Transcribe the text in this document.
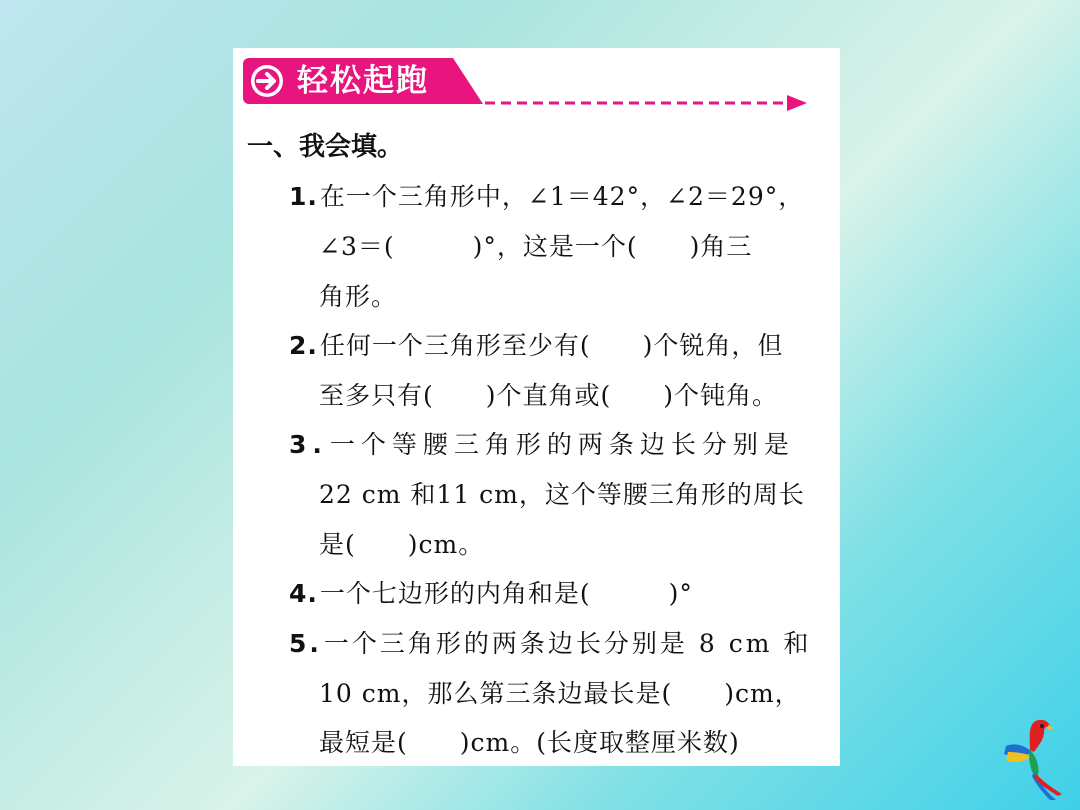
轻松起跑
一、我会填。
1.在一个三角形中，∠1＝42°，∠2＝29°，
∠3＝(　　　)°，这是一个(　　)角三
角形。
2.任何一个三角形至少有(　　)个锐角，但
至多只有(　　)个直角或(　　)个钝角。
3.一个等腰三角形的两条边长分别是
22 cm 和11 cm，这个等腰三角形的周长
是(　　)cm。
4.一个七边形的内角和是(　　　)°
5.一个三角形的两条边长分别是 8 cm 和
10 cm，那么第三条边最长是(　　)cm，
最短是(　　)cm。(长度取整厘米数)
